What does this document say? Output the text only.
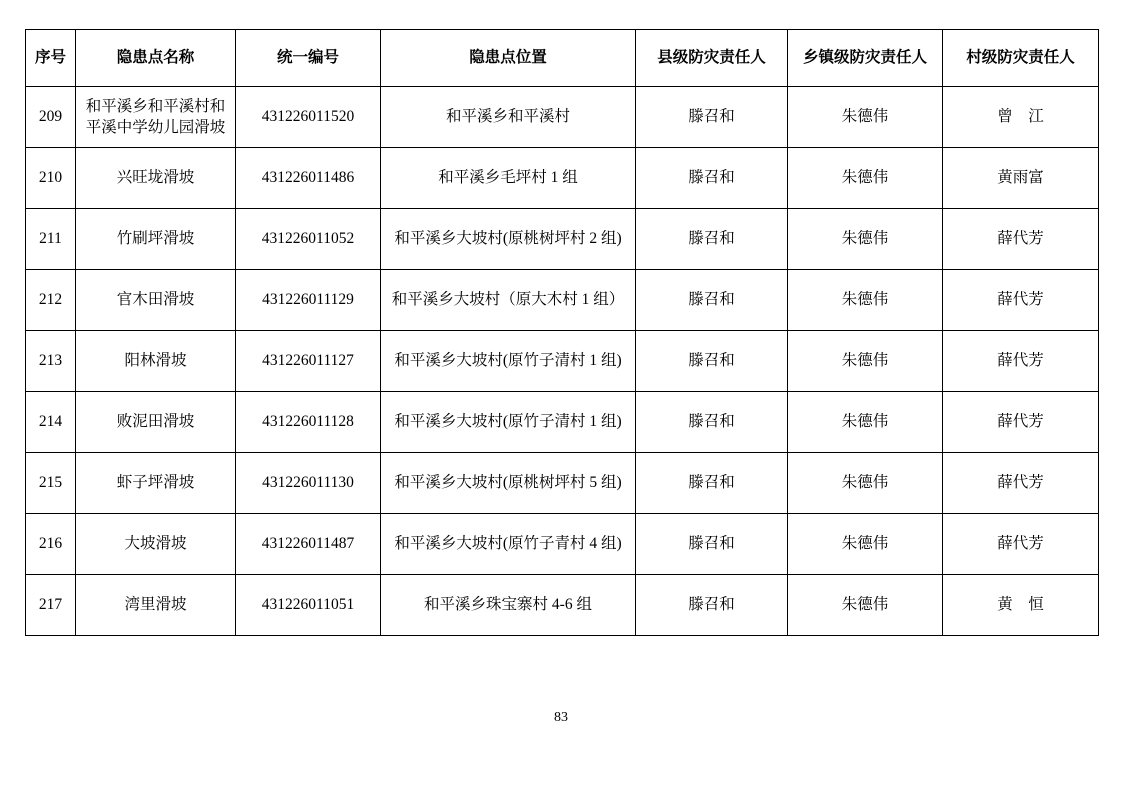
序号	隐患点名称	统一编号	隐患点位置	县级防灾责任人	乡镇级防灾责任人	村级防灾责任人
209	和平溪乡和平溪村和平溪中学幼儿园滑坡	431226011520	和平溪乡和平溪村	滕召和	朱德伟	曾　江
210	兴旺垅滑坡	431226011486	和平溪乡毛坪村 1 组	滕召和	朱德伟	黄雨富
211	竹刷坪滑坡	431226011052	和平溪乡大坡村(原桃树坪村 2 组)	滕召和	朱德伟	薛代芳
212	官木田滑坡	431226011129	和平溪乡大坡村（原大木村 1 组）	滕召和	朱德伟	薛代芳
213	阳林滑坡	431226011127	和平溪乡大坡村(原竹子清村 1 组)	滕召和	朱德伟	薛代芳
214	败泥田滑坡	431226011128	和平溪乡大坡村(原竹子清村 1 组)	滕召和	朱德伟	薛代芳
215	虾子坪滑坡	431226011130	和平溪乡大坡村(原桃树坪村 5 组)	滕召和	朱德伟	薛代芳
216	大坡滑坡	431226011487	和平溪乡大坡村(原竹子青村 4 组)	滕召和	朱德伟	薛代芳
217	湾里滑坡	431226011051	和平溪乡珠宝寨村 4-6 组	滕召和	朱德伟	黄　恒
83
